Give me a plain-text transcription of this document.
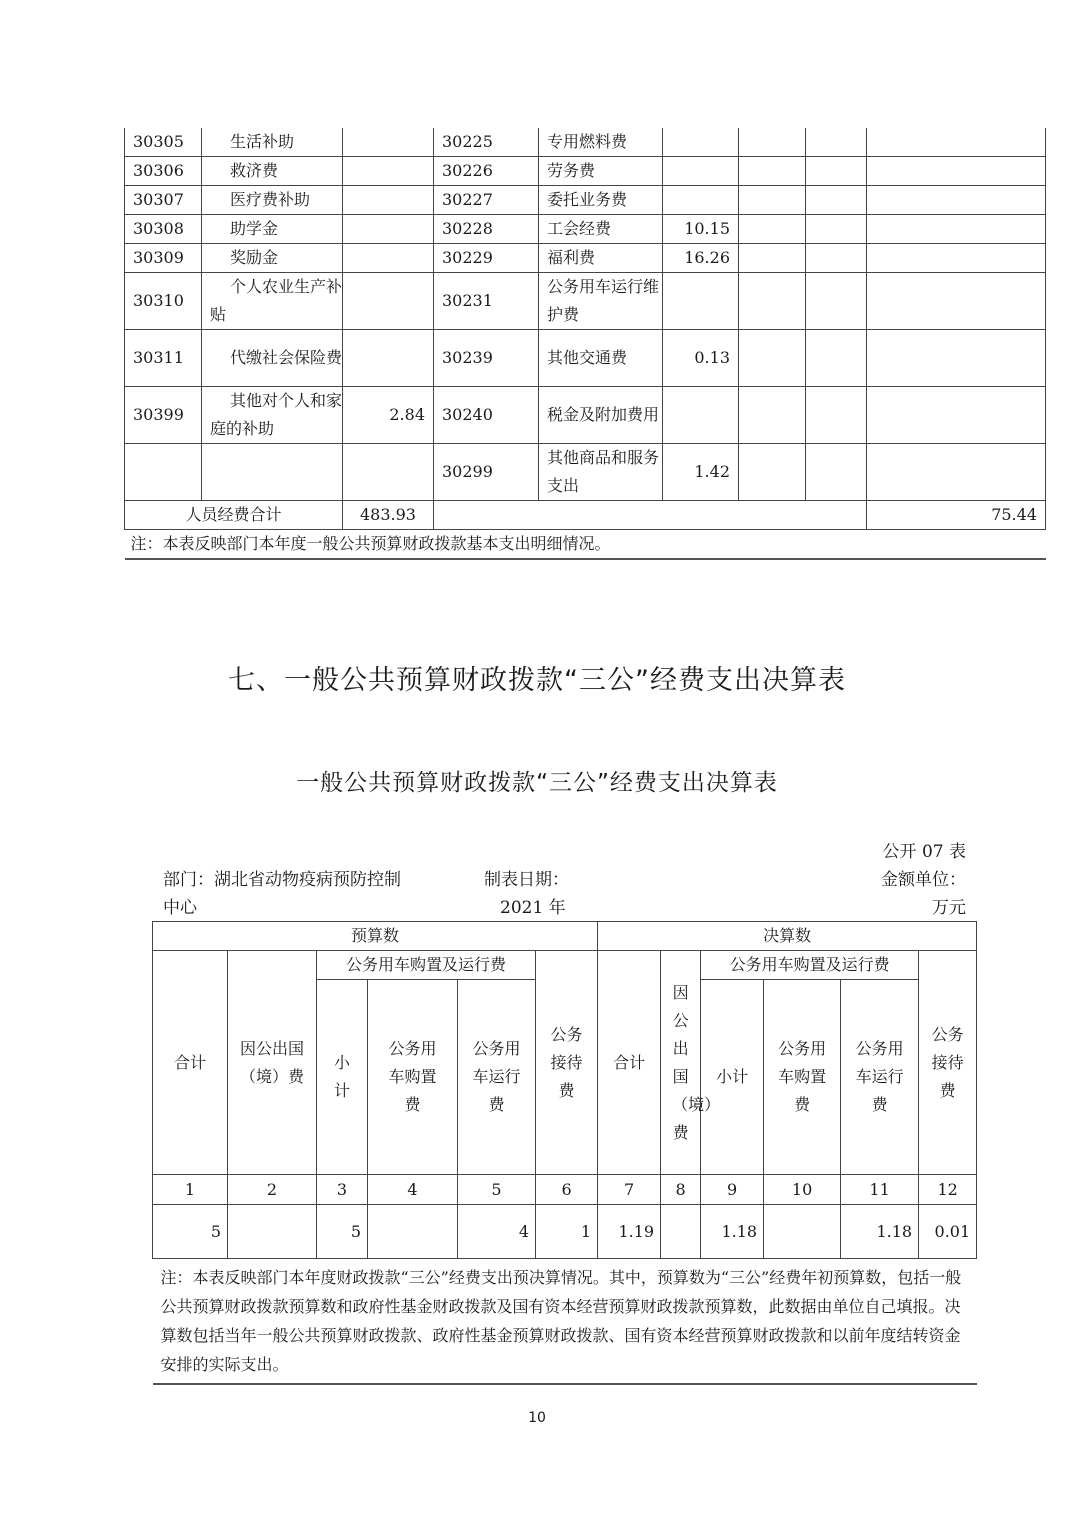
30305	生活补助		30225	专用燃料费				
30306	救济费		30226	劳务费				
30307	医疗费补助		30227	委托业务费				
30308	助学金		30228	工会经费	10.15			
30309	奖励金		30229	福利费	16.26			
30310	个人农业生产补贴		30231	公务用车运行维护费				
30311	代缴社会保险费		30239	其他交通费	0.13			
30399	其他对个人和家庭的补助	2.84	30240	税金及附加费用				
			30299	其他商品和服务支出	1.42			
人员经费合计		483.93						75.44
注：本表反映部门本年度一般公共预算财政拨款基本支出明细情况。								
七、一般公共预算财政拨款“三公”经费支出决算表
一般公共预算财政拨款“三公”经费支出决算表
公开 07 表
部门：湖北省动物疫病预防控制中心
制表日期：
2021 年
金额单位：
万元
预算数						决算数					
合计	因公出国（境）费	公务用车购置及运行费			公务接待费	合计	因公出国（境）费	公务用车购置及运行费			公务接待费
		小计	公务用车购置费	公务用车运行费				小计	公务用车购置费	公务用车运行费	
1	2	3	4	5	6	7	8	9	10	11	12
5		5		4	1	1.19		1.18		1.18	0.01
注：本表反映部门本年度财政拨款“三公”经费支出预决算情况。其中，预算数为“三公”经费年初预算数，包括一般公共预算财政拨款预算数和政府性基金财政拨款及国有资本经营预算财政拨款预算数，此数据由单位自己填报。决算数包括当年一般公共预算财政拨款、政府性基金预算财政拨款、国有资本经营预算财政拨款和以前年度结转资金安排的实际支出。											
10
